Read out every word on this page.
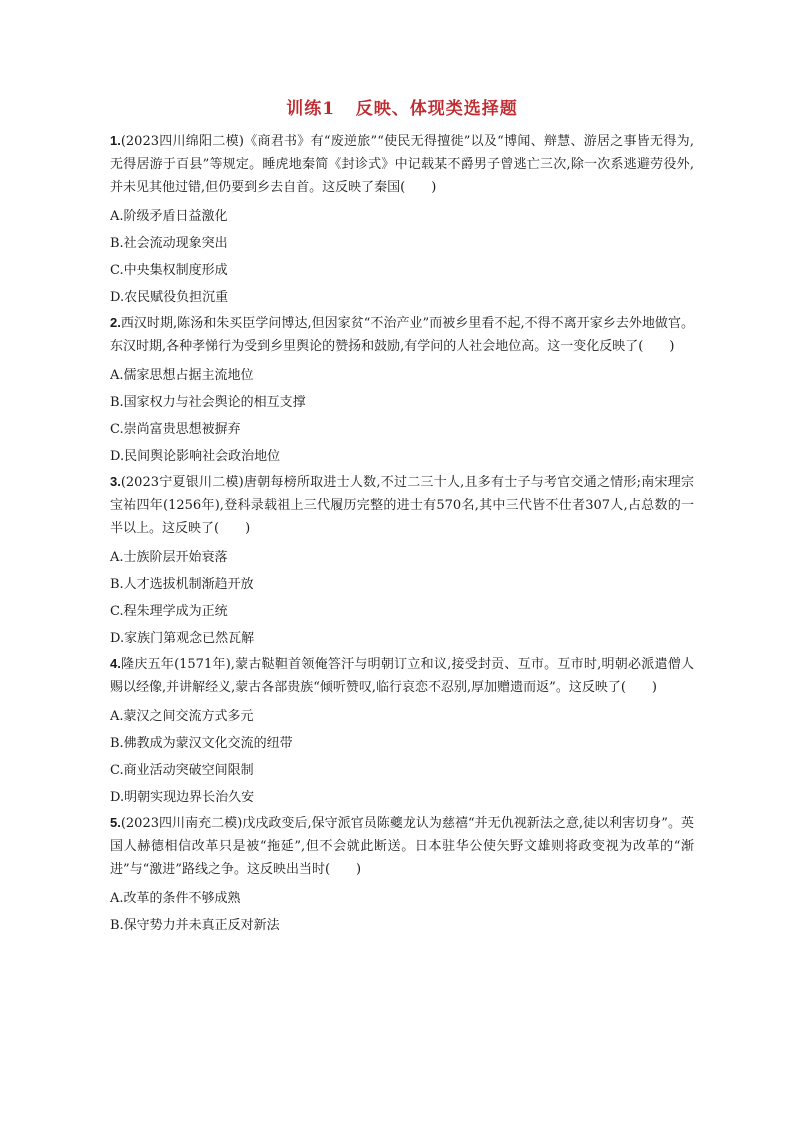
训练1   反映、体现类选择题

1.(2023四川绵阳二模)《商君书》有“废逆旅”“使民无得擅徙”以及“博闻、辩慧、游居之事皆无得为,无得居游于百县”等规定。睡虎地秦简《封诊式》中记载某不爵男子曾逃亡三次,除一次系逃避劳役外,并未见其他过错,但仍要到乡去自首。这反映了秦国(　　)

A.阶级矛盾日益激化

B.社会流动现象突出

C.中央集权制度形成

D.农民赋役负担沉重

2.西汉时期,陈汤和朱买臣学问博达,但因家贫“不治产业”而被乡里看不起,不得不离开家乡去外地做官。东汉时期,各种孝悌行为受到乡里舆论的赞扬和鼓励,有学问的人社会地位高。这一变化反映了(　　)

A.儒家思想占据主流地位

B.国家权力与社会舆论的相互支撑

C.崇尚富贵思想被摒弃

D.民间舆论影响社会政治地位

3.(2023宁夏银川二模)唐朝每榜所取进士人数,不过二三十人,且多有士子与考官交通之情形;南宋理宗宝祐四年(1256年),登科录载祖上三代履历完整的进士有570名,其中三代皆不仕者307人,占总数的一半以上。这反映了(　　)

A.士族阶层开始衰落

B.人才选拔机制渐趋开放

C.程朱理学成为正统

D.家族门第观念已然瓦解

4.隆庆五年(1571年),蒙古鞑靼首领俺答汗与明朝订立和议,接受封贡、互市。互市时,明朝必派遣僧人赐以经像,并讲解经义,蒙古各部贵族“倾听赞叹,临行哀恋不忍别,厚加赠遗而返”。这反映了(　　)

A.蒙汉之间交流方式多元

B.佛教成为蒙汉文化交流的纽带

C.商业活动突破空间限制

D.明朝实现边界长治久安

5.(2023四川南充二模)戊戌政变后,保守派官员陈夔龙认为慈禧“并无仇视新法之意,徒以利害切身”。英国人赫德相信改革只是被“拖延”,但不会就此断送。日本驻华公使矢野文雄则将政变视为改革的“渐进”与“激进”路线之争。这反映出当时(　　)

A.改革的条件不够成熟

B.保守势力并未真正反对新法
